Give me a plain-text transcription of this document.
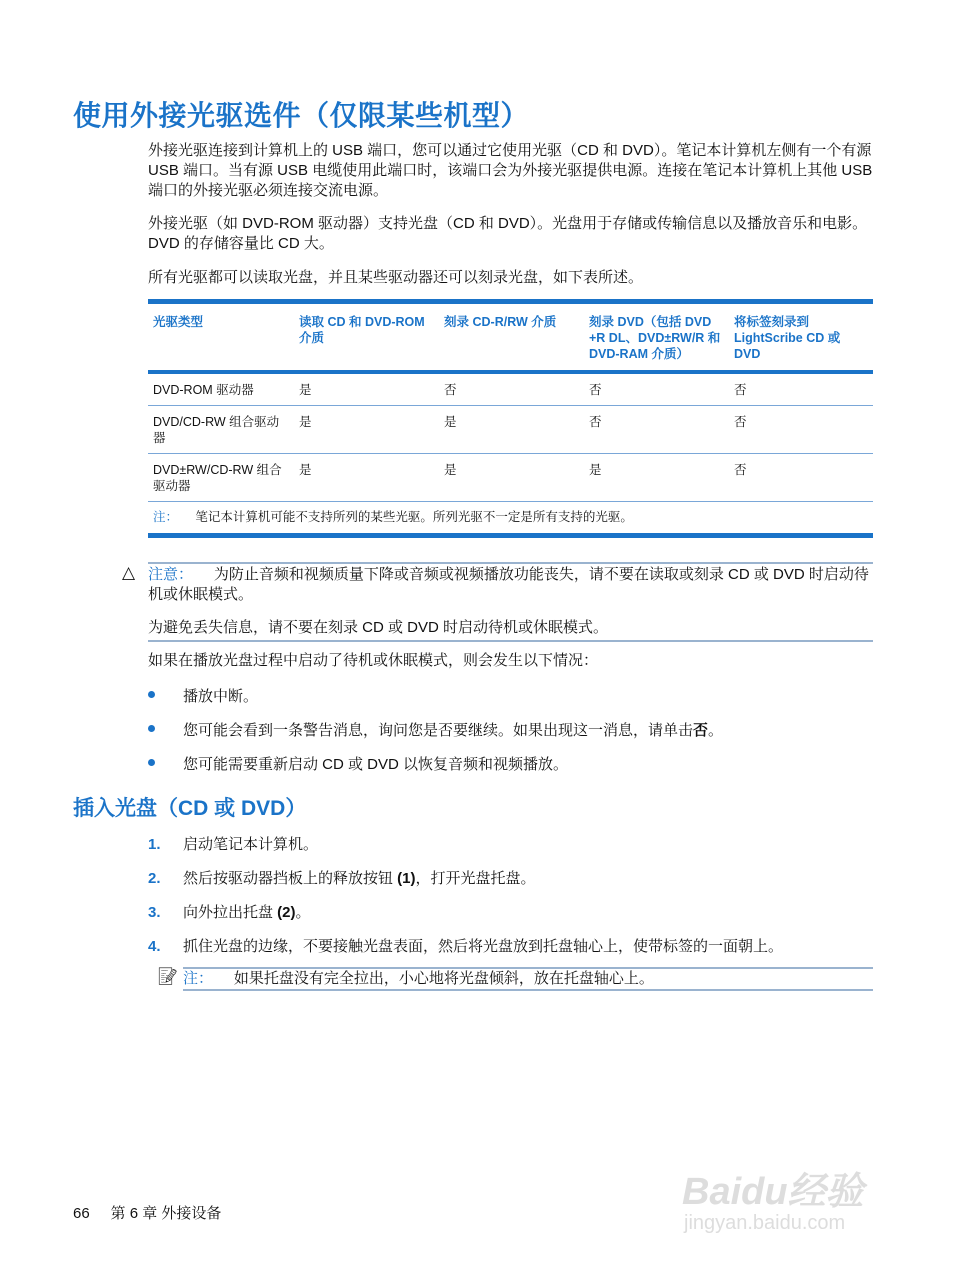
使用外接光驱选件（仅限某些机型）
外接光驱连接到计算机上的 USB 端口，您可以通过它使用光驱（CD 和 DVD）。笔记本计算机左侧有一个有源 USB 端口。当有源 USB 电缆使用此端口时，该端口会为外接光驱提供电源。连接在笔记本计算机上其他 USB 端口的外接光驱必须连接交流电源。
外接光驱（如 DVD-ROM 驱动器）支持光盘（CD 和 DVD）。光盘用于存储或传输信息以及播放音乐和电影。DVD 的存储容量比 CD 大。
所有光驱都可以读取光盘，并且某些驱动器还可以刻录光盘，如下表所述。
光驱类型	读取 CD 和 DVD-ROM 介质	刻录 CD-R/RW 介质	刻录 DVD（包括 DVD +R DL、DVD±RW/R 和 DVD-RAM 介质）	将标签刻录到 LightScribe CD 或 DVD
DVD-ROM 驱动器	是	否	否	否
DVD/CD-RW 组合驱动器	是	是	否	否
DVD±RW/CD-RW 组合驱动器	是	是	是	否
注： 笔记本计算机可能不支持所列的某些光驱。所列光驱不一定是所有支持的光驱。				
△ 注意： 为防止音频和视频质量下降或音频或视频播放功能丧失，请不要在读取或刻录 CD 或 DVD 时启动待机或休眠模式。

为避免丢失信息，请不要在刻录 CD 或 DVD 时启动待机或休眠模式。

如果在播放光盘过程中启动了待机或休眠模式，则会发生以下情况：
播放中断。
您可能会看到一条警告消息，询问您是否要继续。如果出现这一消息，请单击否。
您可能需要重新启动 CD 或 DVD 以恢复音频和视频播放。
插入光盘（CD 或 DVD）
1. 启动笔记本计算机。
2. 然后按驱动器挡板上的释放按钮 (1)，打开光盘托盘。
3. 向外拉出托盘 (2)。
4. 抓住光盘的边缘，不要接触光盘表面，然后将光盘放到托盘轴心上，使带标签的一面朝上。
📝︎ 注： 如果托盘没有完全拉出，小心地将光盘倾斜，放在托盘轴心上。
66 第 6 章 外接设备
Baidu经验
jingyan.baidu.com
